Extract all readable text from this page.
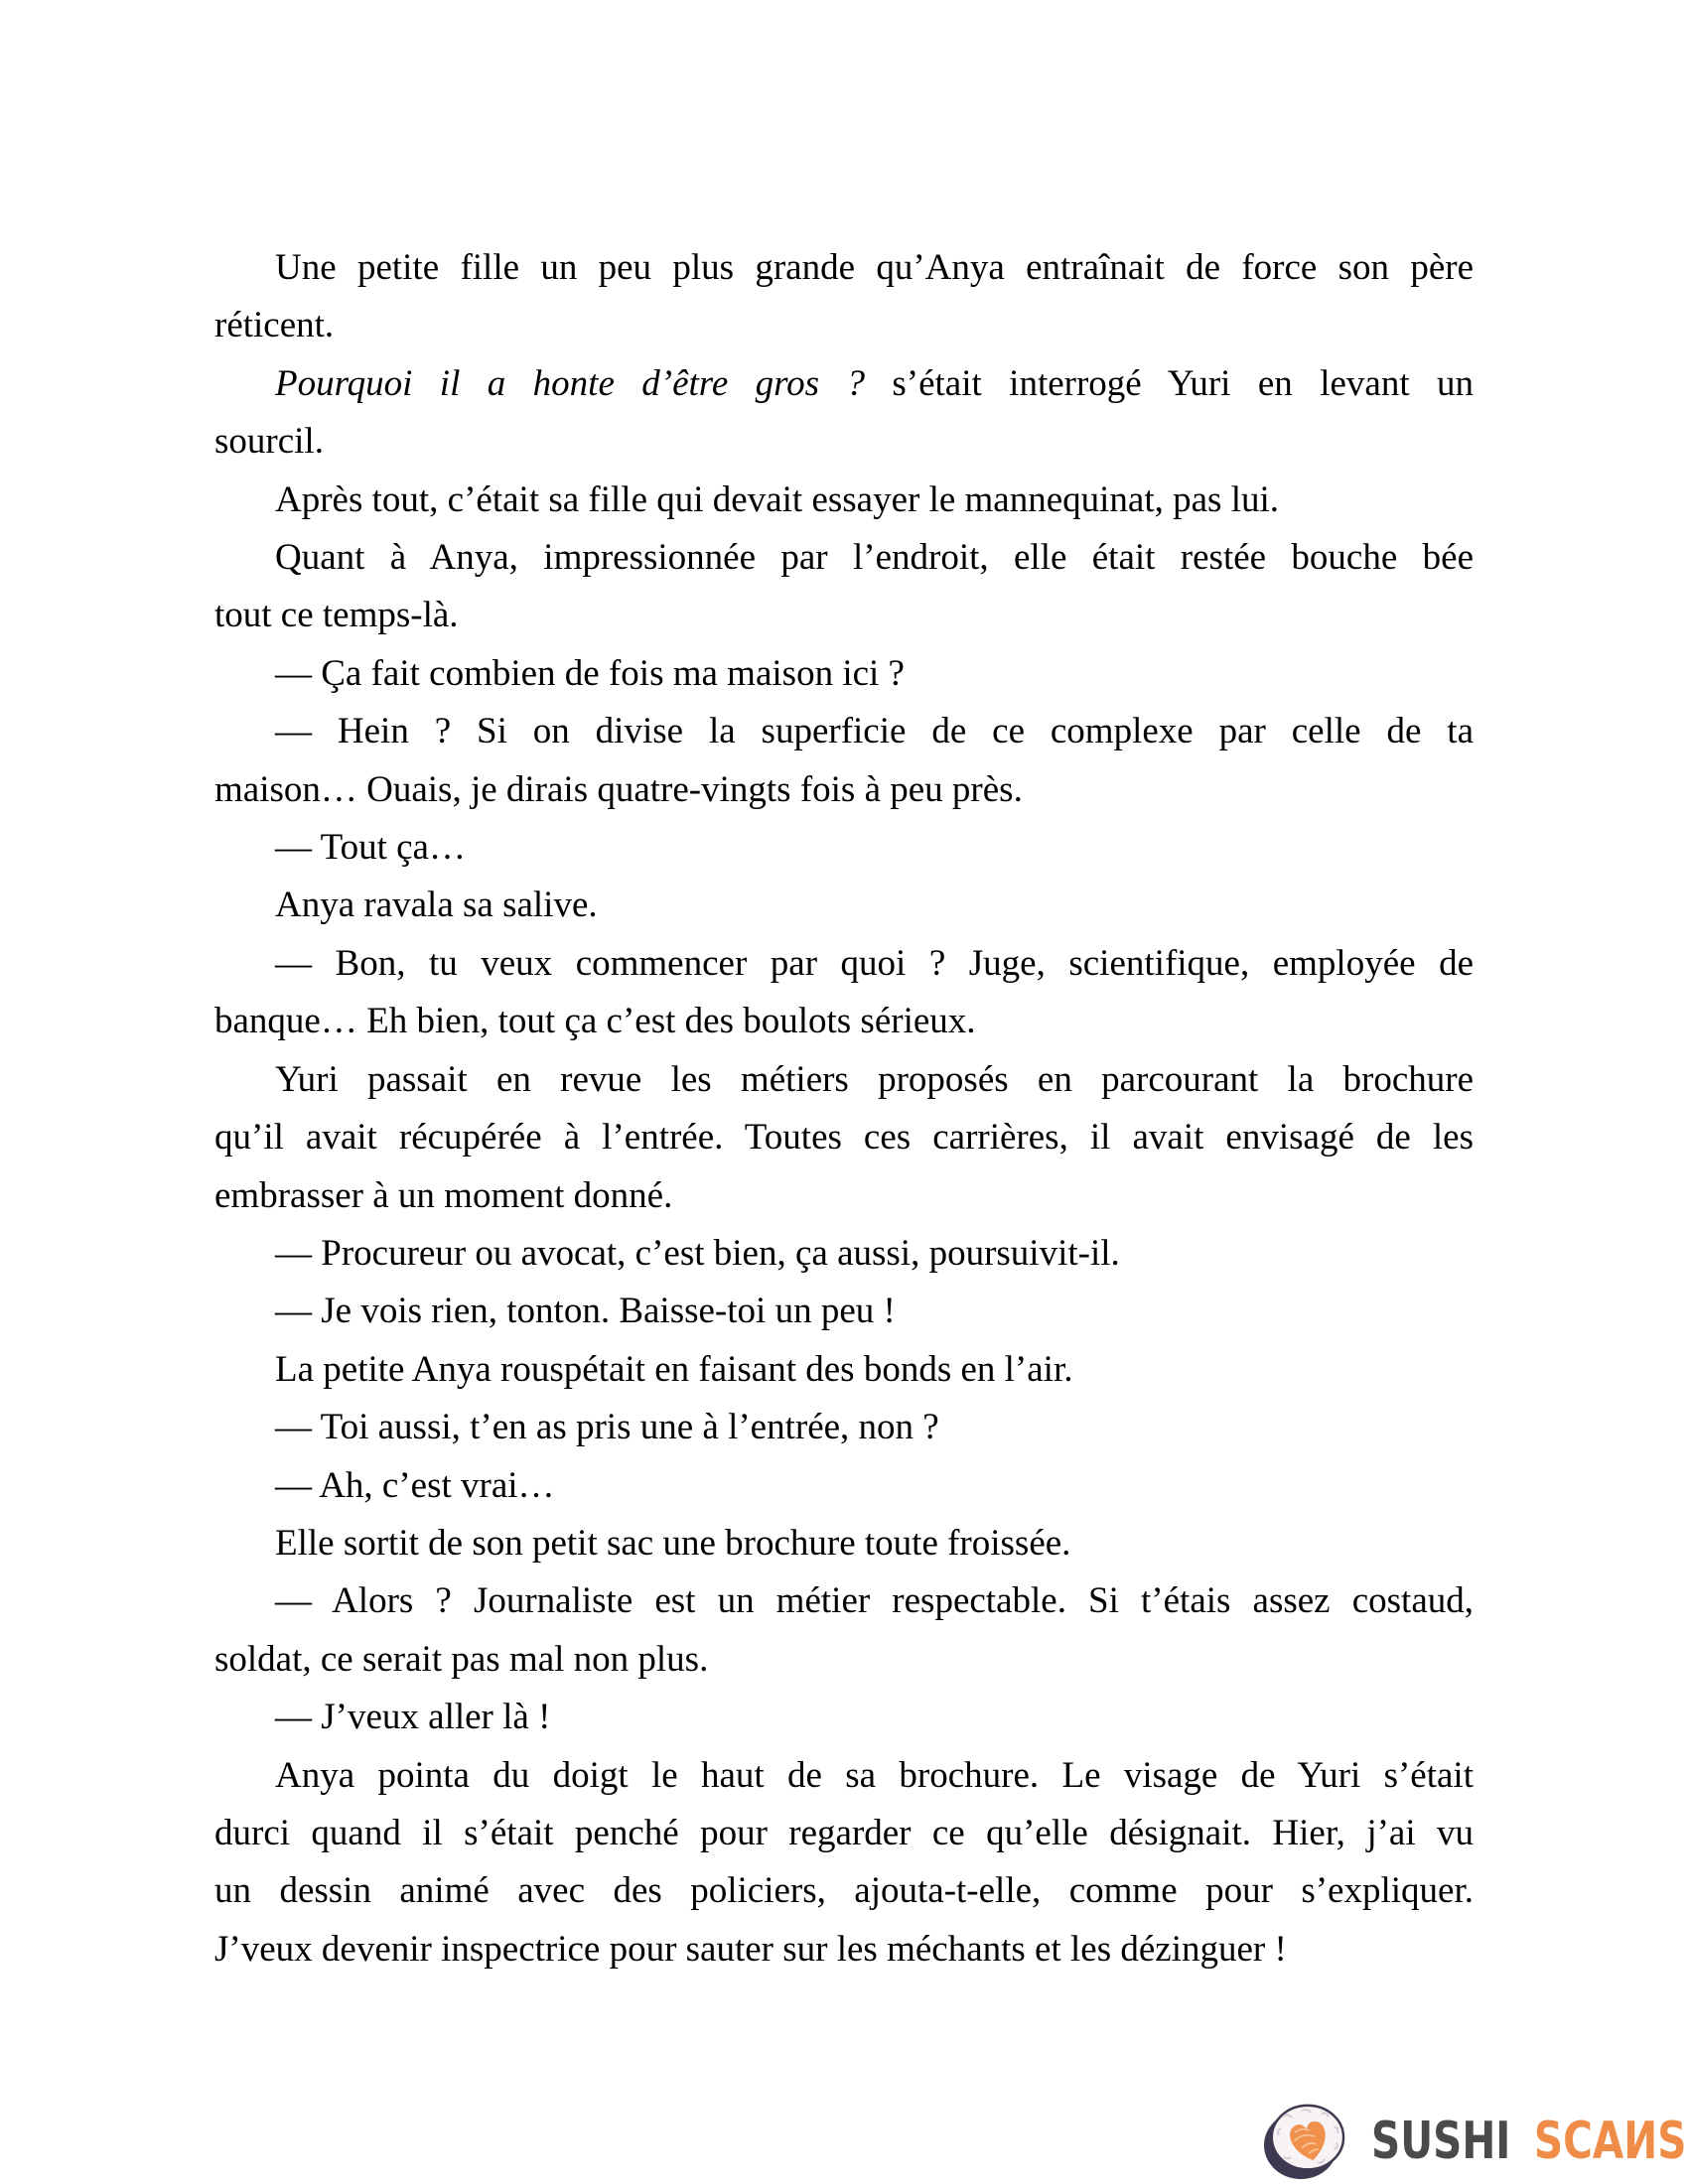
Une petite fille un peu plus grande qu’Anya entraînait de force son père
réticent.
Pourquoi il a honte d’être gros ? s’était interrogé Yuri en levant un
sourcil.
Après tout, c’était sa fille qui devait essayer le mannequinat, pas lui.
Quant à Anya, impressionnée par l’endroit, elle était restée bouche bée
tout ce temps-là.
— Ça fait combien de fois ma maison ici ?
— Hein ? Si on divise la superficie de ce complexe par celle de ta
maison… Ouais, je dirais quatre-vingts fois à peu près.
— Tout ça…
Anya ravala sa salive.
— Bon, tu veux commencer par quoi ? Juge, scientifique, employée de
banque… Eh bien, tout ça c’est des boulots sérieux.
Yuri passait en revue les métiers proposés en parcourant la brochure
qu’il avait récupérée à l’entrée. Toutes ces carrières, il avait envisagé de les
embrasser à un moment donné.
— Procureur ou avocat, c’est bien, ça aussi, poursuivit-il.
— Je vois rien, tonton. Baisse-toi un peu !
La petite Anya rouspétait en faisant des bonds en l’air.
— Toi aussi, t’en as pris une à l’entrée, non ?
— Ah, c’est vrai…
Elle sortit de son petit sac une brochure toute froissée.
— Alors ? Journaliste est un métier respectable. Si t’étais assez costaud,
soldat, ce serait pas mal non plus.
— J’veux aller là !
Anya pointa du doigt le haut de sa brochure. Le visage de Yuri s’était
durci quand il s’était penché pour regarder ce qu’elle désignait. Hier, j’ai vu
un dessin animé avec des policiers, ajouta-t-elle, comme pour s’expliquer.
J’veux devenir inspectrice pour sauter sur les méchants et les dézinguer !
SUSHI SCAИS
